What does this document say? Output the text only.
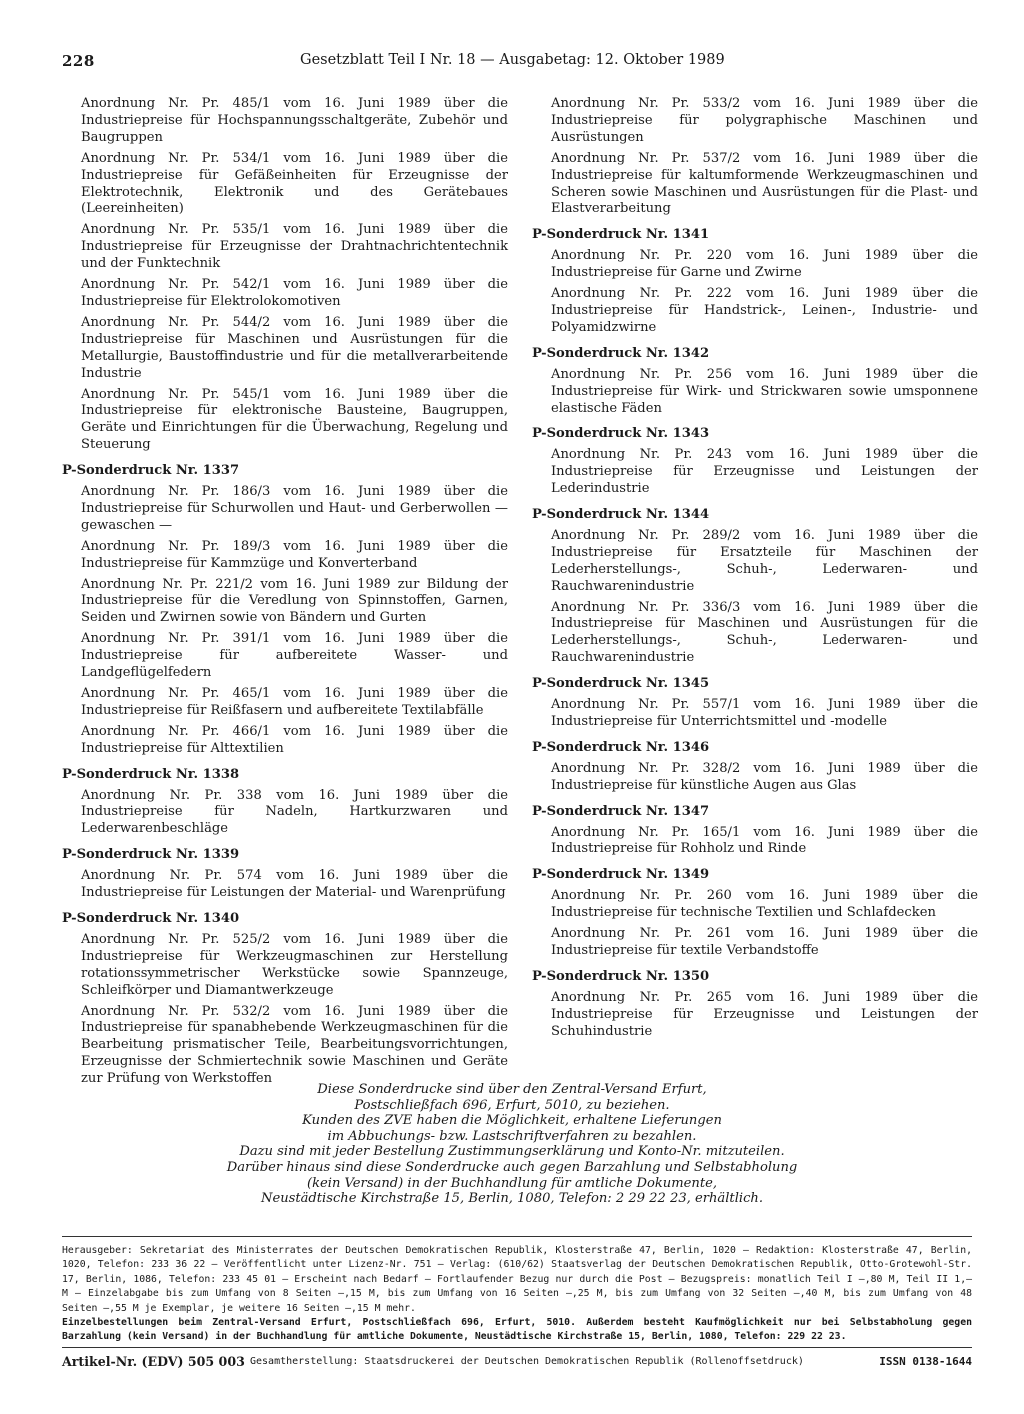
228	Gesetzblatt Teil I Nr. 18 — Ausgabetag: 12. Oktober 1989
Anordnung Nr. Pr. 485/1 vom 16. Juni 1989 über die Industriepreise für Hochspannungsschaltgeräte, Zubehör und Baugruppen
Anordnung Nr. Pr. 534/1 vom 16. Juni 1989 über die Industriepreise für Gefäßeinheiten für Erzeugnisse der Elektrotechnik, Elektronik und des Gerätebaues (Leereinheiten)
Anordnung Nr. Pr. 535/1 vom 16. Juni 1989 über die Industriepreise für Erzeugnisse der Drahtnachrichtentechnik und der Funktechnik
Anordnung Nr. Pr. 542/1 vom 16. Juni 1989 über die Industriepreise für Elektrolokomotiven
Anordnung Nr. Pr. 544/2 vom 16. Juni 1989 über die Industriepreise für Maschinen und Ausrüstungen für die Metallurgie, Baustoffindustrie und für die metallverarbeitende Industrie
Anordnung Nr. Pr. 545/1 vom 16. Juni 1989 über die Industriepreise für elektronische Bausteine, Baugruppen, Geräte und Einrichtungen für die Überwachung, Regelung und Steuerung
P-Sonderdruck Nr. 1337
Anordnung Nr. Pr. 186/3 vom 16. Juni 1989 über die Industriepreise für Schurwollen und Haut- und Gerberwollen — gewaschen —
Anordnung Nr. Pr. 189/3 vom 16. Juni 1989 über die Industriepreise für Kammzüge und Konverterband
Anordnung Nr. Pr. 221/2 vom 16. Juni 1989 zur Bildung der Industriepreise für die Veredlung von Spinnstoffen, Garnen, Seiden und Zwirnen sowie von Bändern und Gurten
Anordnung Nr. Pr. 391/1 vom 16. Juni 1989 über die Industriepreise für aufbereitete Wasser- und Landgeflügelfedern
Anordnung Nr. Pr. 465/1 vom 16. Juni 1989 über die Industriepreise für Reißfasern und aufbereitete Textilabfälle
Anordnung Nr. Pr. 466/1 vom 16. Juni 1989 über die Industriepreise für Alttextilien
P-Sonderdruck Nr. 1338
Anordnung Nr. Pr. 338 vom 16. Juni 1989 über die Industriepreise für Nadeln, Hartkurzwaren und Lederwarenbeschläge
P-Sonderdruck Nr. 1339
Anordnung Nr. Pr. 574 vom 16. Juni 1989 über die Industriepreise für Leistungen der Material- und Warenprüfung
P-Sonderdruck Nr. 1340
Anordnung Nr. Pr. 525/2 vom 16. Juni 1989 über die Industriepreise für Werkzeugmaschinen zur Herstellung rotationssymmetrischer Werkstücke sowie Spannzeuge, Schleifkörper und Diamantwerkzeuge
Anordnung Nr. Pr. 532/2 vom 16. Juni 1989 über die Industriepreise für spanabhebende Werkzeugmaschinen für die Bearbeitung prismatischer Teile, Bearbeitungsvorrichtungen, Erzeugnisse der Schmiertechnik sowie Maschinen und Geräte zur Prüfung von Werkstoffen
Anordnung Nr. Pr. 533/2 vom 16. Juni 1989 über die Industriepreise für polygraphische Maschinen und Ausrüstungen
Anordnung Nr. Pr. 537/2 vom 16. Juni 1989 über die Industriepreise für kaltumformende Werkzeugmaschinen und Scheren sowie Maschinen und Ausrüstungen für die Plast- und Elastverarbeitung
P-Sonderdruck Nr. 1341
Anordnung Nr. Pr. 220 vom 16. Juni 1989 über die Industriepreise für Garne und Zwirne
Anordnung Nr. Pr. 222 vom 16. Juni 1989 über die Industriepreise für Handstrick-, Leinen-, Industrie- und Polyamidzwirne
P-Sonderdruck Nr. 1342
Anordnung Nr. Pr. 256 vom 16. Juni 1989 über die Industriepreise für Wirk- und Strickwaren sowie umsponnene elastische Fäden
P-Sonderdruck Nr. 1343
Anordnung Nr. Pr. 243 vom 16. Juni 1989 über die Industriepreise für Erzeugnisse und Leistungen der Lederindustrie
P-Sonderdruck Nr. 1344
Anordnung Nr. Pr. 289/2 vom 16. Juni 1989 über die Industriepreise für Ersatzteile für Maschinen der Lederherstellungs-, Schuh-, Lederwaren- und Rauchwarenindustrie
Anordnung Nr. Pr. 336/3 vom 16. Juni 1989 über die Industriepreise für Maschinen und Ausrüstungen für die Lederherstellungs-, Schuh-, Lederwaren- und Rauchwarenindustrie
P-Sonderdruck Nr. 1345
Anordnung Nr. Pr. 557/1 vom 16. Juni 1989 über die Industriepreise für Unterrichtsmittel und -modelle
P-Sonderdruck Nr. 1346
Anordnung Nr. Pr. 328/2 vom 16. Juni 1989 über die Industriepreise für künstliche Augen aus Glas
P-Sonderdruck Nr. 1347
Anordnung Nr. Pr. 165/1 vom 16. Juni 1989 über die Industriepreise für Rohholz und Rinde
P-Sonderdruck Nr. 1349
Anordnung Nr. Pr. 260 vom 16. Juni 1989 über die Industriepreise für technische Textilien und Schlafdecken
Anordnung Nr. Pr. 261 vom 16. Juni 1989 über die Industriepreise für textile Verbandstoffe
P-Sonderdruck Nr. 1350
Anordnung Nr. Pr. 265 vom 16. Juni 1989 über die Industriepreise für Erzeugnisse und Leistungen der Schuhindustrie
Diese Sonderdrucke sind über den Zentral-Versand Erfurt,
Postschließfach 696, Erfurt, 5010, zu beziehen.
Kunden des ZVE haben die Möglichkeit, erhaltene Lieferungen
im Abbuchungs- bzw. Lastschriftverfahren zu bezahlen.
Dazu sind mit jeder Bestellung Zustimmungserklärung und Konto-Nr. mitzuteilen.
Darüber hinaus sind diese Sonderdrucke auch gegen Barzahlung und Selbstabholung
(kein Versand) in der Buchhandlung für amtliche Dokumente,
Neustädtische Kirchstraße 15, Berlin, 1080, Telefon: 2 29 22 23, erhältlich.

Herausgeber: Sekretariat des Ministerrates der Deutschen Demokratischen Republik, Klosterstraße 47, Berlin, 1020 — Redaktion: Klosterstraße 47, Berlin, 1020, Telefon: 233 36 22 — Veröffentlicht unter Lizenz-Nr. 751 — Verlag: (610/62) Staatsverlag der Deutschen Demokratischen Republik, Otto-Grotewohl-Str. 17, Berlin, 1086, Telefon: 233 45 01 — Erscheint nach Bedarf — Fortlaufender Bezug nur durch die Post — Bezugspreis: monatlich Teil I —,80 M, Teil II 1,— M — Einzelabgabe bis zum Umfang von 8 Seiten —,15 M, bis zum Umfang von 16 Seiten —,25 M, bis zum Umfang von 32 Seiten —,40 M, bis zum Umfang von 48 Seiten —,55 M je Exemplar, je weitere 16 Seiten —,15 M mehr.

Einzelbestellungen beim Zentral-Versand Erfurt, Postschließfach 696, Erfurt, 5010. Außerdem besteht Kaufmöglichkeit nur bei Selbstabholung gegen Barzahlung (kein Versand) in der Buchhandlung für amtliche Dokumente, Neustädtische Kirchstraße 15, Berlin, 1080, Telefon: 229 22 23.

Artikel-Nr. (EDV) 505 003 Gesamtherstellung: Staatsdruckerei der Deutschen Demokratischen Republik (Rollenoffsetdruck)	ISSN 0138-1644
